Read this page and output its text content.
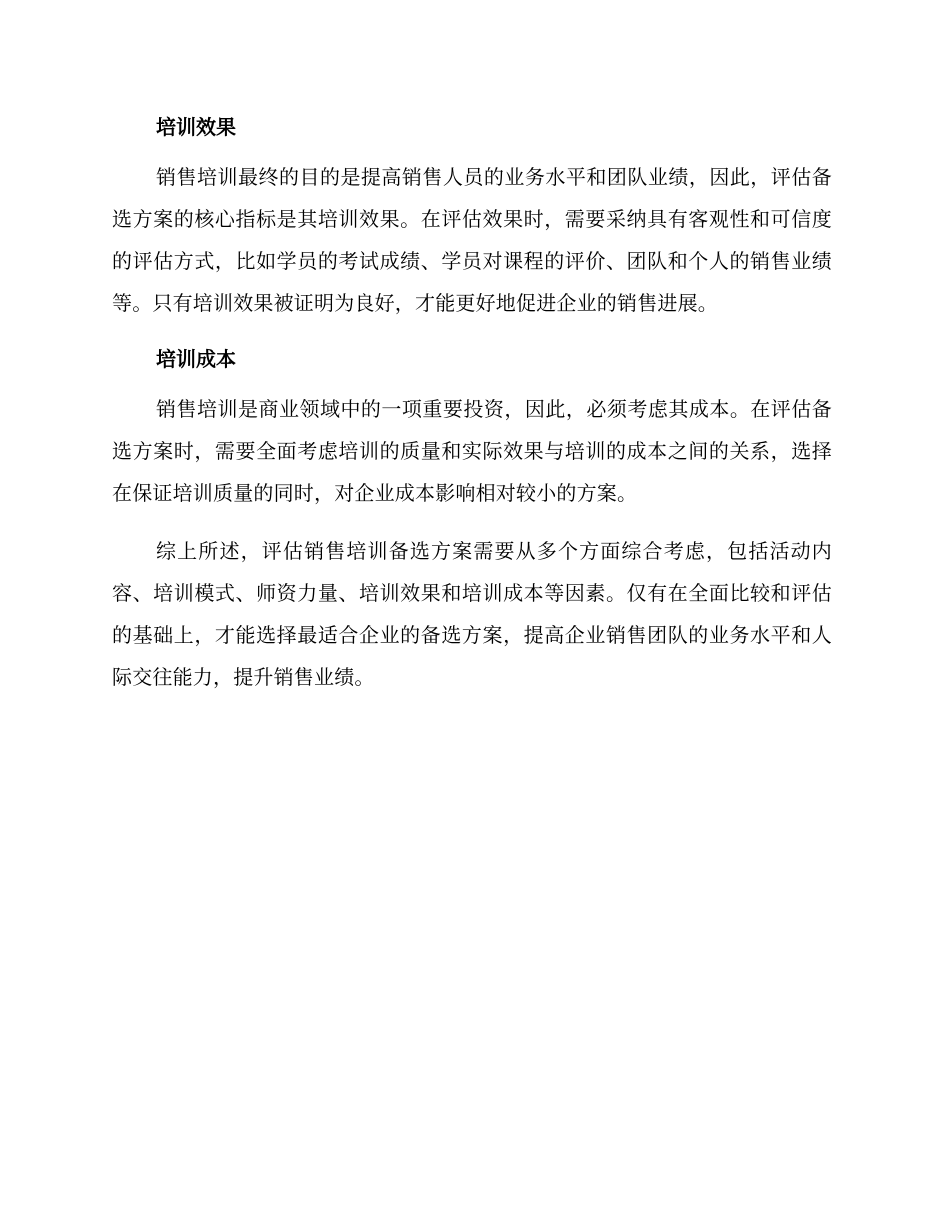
培训效果

销售培训最终的目的是提高销售人员的业务水平和团队业绩，因此，评估备选方案的核心指标是其培训效果。在评估效果时，需要采纳具有客观性和可信度的评估方式，比如学员的考试成绩、学员对课程的评价、团队和个人的销售业绩等。只有培训效果被证明为良好，才能更好地促进企业的销售进展。

培训成本

销售培训是商业领域中的一项重要投资，因此，必须考虑其成本。在评估备选方案时，需要全面考虑培训的质量和实际效果与培训的成本之间的关系，选择在保证培训质量的同时，对企业成本影响相对较小的方案。

综上所述，评估销售培训备选方案需要从多个方面综合考虑，包括活动内容、培训模式、师资力量、培训效果和培训成本等因素。仅有在全面比较和评估的基础上，才能选择最适合企业的备选方案，提高企业销售团队的业务水平和人际交往能力，提升销售业绩。
